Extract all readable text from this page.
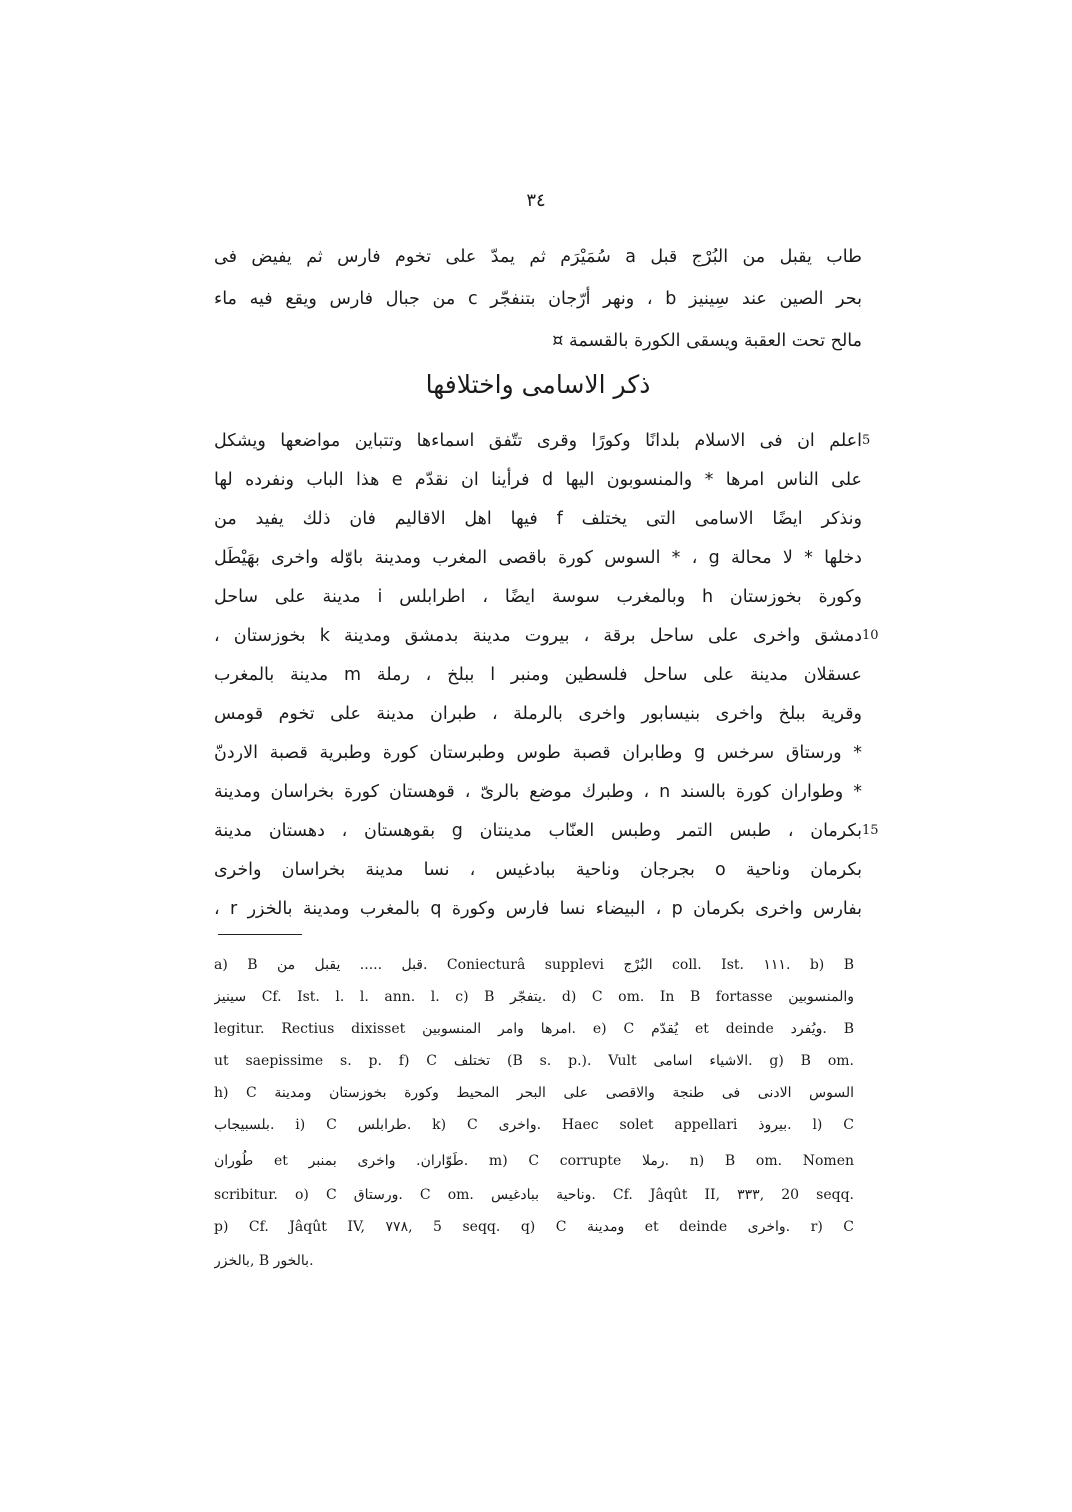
٣٤
طاب يقبل من البُرْج قبل a سُمَيْرَم ثم يمدّ على تخوم فارس ثم يفيض فى
بحر الصين عند سِينيز b ، ونهر أرّجان بتنفجّر c من جبال فارس ويقع فيه ماء
مالح تحت العقبة ويسقى الكورة بالقسمة ¤
ذكر الاسامى واختلافها
5
اعلم ان فى الاسلام بلدانًا وكورًا وقرى تتّفق اسماءها وتتباين مواضعها ويشكل
على الناس امرها * والمنسوبون اليها d فرأينا ان نقدّم e هذا الباب ونفرده لها
ونذكر ايضًا الاسامى التى يختلف f فيها اهل الاقاليم فان ذلك يفيد من
دخلها * لا محالة g ، * السوس كورة باقصى المغرب ومدينة باوّله واخرى بهَيْطَل
وكورة بخوزستان h وبالمغرب سوسة ايضًا ، اطرابلس i مدينة على ساحل
10
دمشق واخرى على ساحل برقة ، بيروت مدينة بدمشق ومدينة k بخوزستان ،
عسقلان مدينة على ساحل فلسطين ومنبر l ببلخ ، رملة m مدينة بالمغرب
وقرية ببلخ واخرى بنيسابور واخرى بالرملة ، طبران مدينة على تخوم قومس
* ورستاق سرخس g وطابران قصبة طوس وطبرستان كورة وطبرية قصبة الاردنّ
* وطواران كورة بالسند n ، وطبرك موضع بالرىّ ، قوهستان كورة بخراسان ومدينة
15
بكرمان ، طبس التمر وطبس العنّاب مدينتان g بقوهستان ، دهستان مدينة
بكرمان وناحية o بجرجان وناحية ببادغيس ، نسا مدينة بخراسان واخرى
بفارس واخرى بكرمان p ، البيضاء نسا فارس وكورة q بالمغرب ومدينة بالخزر r ،
a) B قبل ..... يقبل من. Coniecturâ supplevi البُرْج coll. Ist. ١١١. b) B
سينيز Cf. Ist. l. l. ann. l. c) B يتفجّر. d) C om. In B fortasse والمنسوبين
legitur. Rectius dixisset امرها وامر المنسوبين. e) C يُقدّم et deinde ويُفرد. B
ut saepissime s. p. f) C تختلف (B s. p.). Vult الاشياء اسامى. g) B om.
h) C السوس الادنى فى طنجة والاقصى على البحر المحيط وكورة بخوزستان ومدينة
بلسبيجاب. i) C طرابلس. k) C واخرى. Haec solet appellari بيروذ. l) C
طُوران et طَوّاران. واخرى بمنبر. m) C corrupte رملا. n) B om. Nomen
scribitur. o) C ورستاق. C om. وناحية ببادغيس. Cf. Jâqût II, ٣٣٣, 20 seqq.
p) Cf. Jâqût IV, ٧٧٨, 5 seqq. q) C ومدينة et deinde واخرى. r) C
بالخزر, B بالخور.
